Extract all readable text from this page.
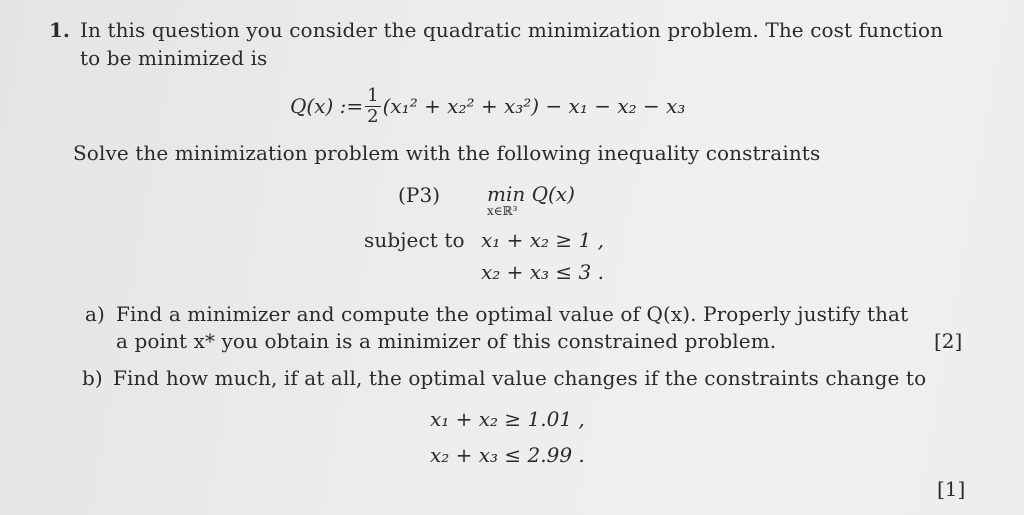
1. In this question you consider the quadratic minimization problem. The cost function
to be minimized is
Q(x) := $\frac{1}{2} (x_1^2 + x_2^2 + x_3^2) - x_1 - x_2 - x_3$
Solve the minimization problem with the following inequality constraints
(P3) min Q(x)
x∈ℝ³
subject to x₁ + x₂ ≥ 1 ,
x₂ + x₃ ≤ 3 .
a) Find a minimizer and compute the optimal value of Q(x). Properly justify that
a point x* you obtain is a minimizer of this constrained problem.	[2]
b) Find how much, if at all, the optimal value changes if the constraints change to
x₁ + x₂ ≥ 1.01 ,
x₂ + x₃ ≤ 2.99 .
[1]
